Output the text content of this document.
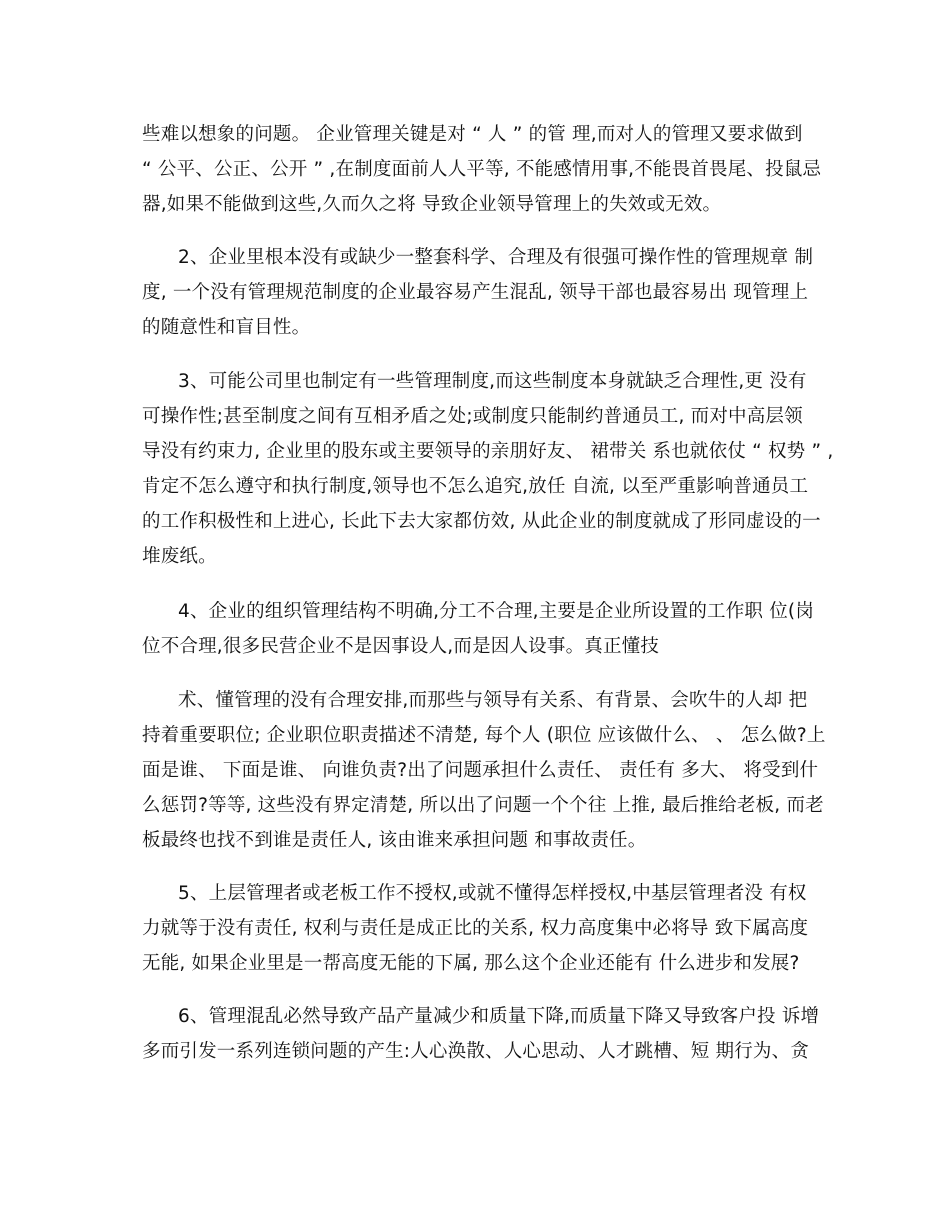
些难以想象的问题。 企业管理关键是对 “ 人 ” 的管 理,而对人的管理又要求做到
“ 公平、公正、公开 ” ,在制度面前人人平等, 不能感情用事,不能畏首畏尾、投鼠忌
器,如果不能做到这些,久而久之将 导致企业领导管理上的失效或无效。
2、企业里根本没有或缺少一整套科学、合理及有很强可操作性的管理规章 制
度, 一个没有管理规范制度的企业最容易产生混乱, 领导干部也最容易出 现管理上
的随意性和盲目性。
3、可能公司里也制定有一些管理制度,而这些制度本身就缺乏合理性,更 没有
可操作性;甚至制度之间有互相矛盾之处;或制度只能制约普通员工, 而对中高层领
导没有约束力, 企业里的股东或主要领导的亲朋好友、 裙带关 系也就依仗 “ 权势 ” ,
肯定不怎么遵守和执行制度,领导也不怎么追究,放任 自流, 以至严重影响普通员工
的工作积极性和上进心, 长此下去大家都仿效, 从此企业的制度就成了形同虚设的一
堆废纸。
4、企业的组织管理结构不明确,分工不合理,主要是企业所设置的工作职 位(岗
位不合理,很多民营企业不是因事设人,而是因人设事。真正懂技
术、懂管理的没有合理安排,而那些与领导有关系、有背景、会吹牛的人却 把
持着重要职位; 企业职位职责描述不清楚, 每个人 (职位 应该做什么、 、 怎么做?上
面是谁、 下面是谁、 向谁负责?出了问题承担什么责任、 责任有 多大、 将受到什
么惩罚?等等, 这些没有界定清楚, 所以出了问题一个个往 上推, 最后推给老板, 而老
板最终也找不到谁是责任人, 该由谁来承担问题 和事故责任。
5、上层管理者或老板工作不授权,或就不懂得怎样授权,中基层管理者没 有权
力就等于没有责任, 权利与责任是成正比的关系, 权力高度集中必将导 致下属高度
无能, 如果企业里是一帮高度无能的下属, 那么这个企业还能有 什么进步和发展?
6、管理混乱必然导致产品产量减少和质量下降,而质量下降又导致客户投 诉增
多而引发一系列连锁问题的产生:人心涣散、人心思动、人才跳槽、短 期行为、贪
